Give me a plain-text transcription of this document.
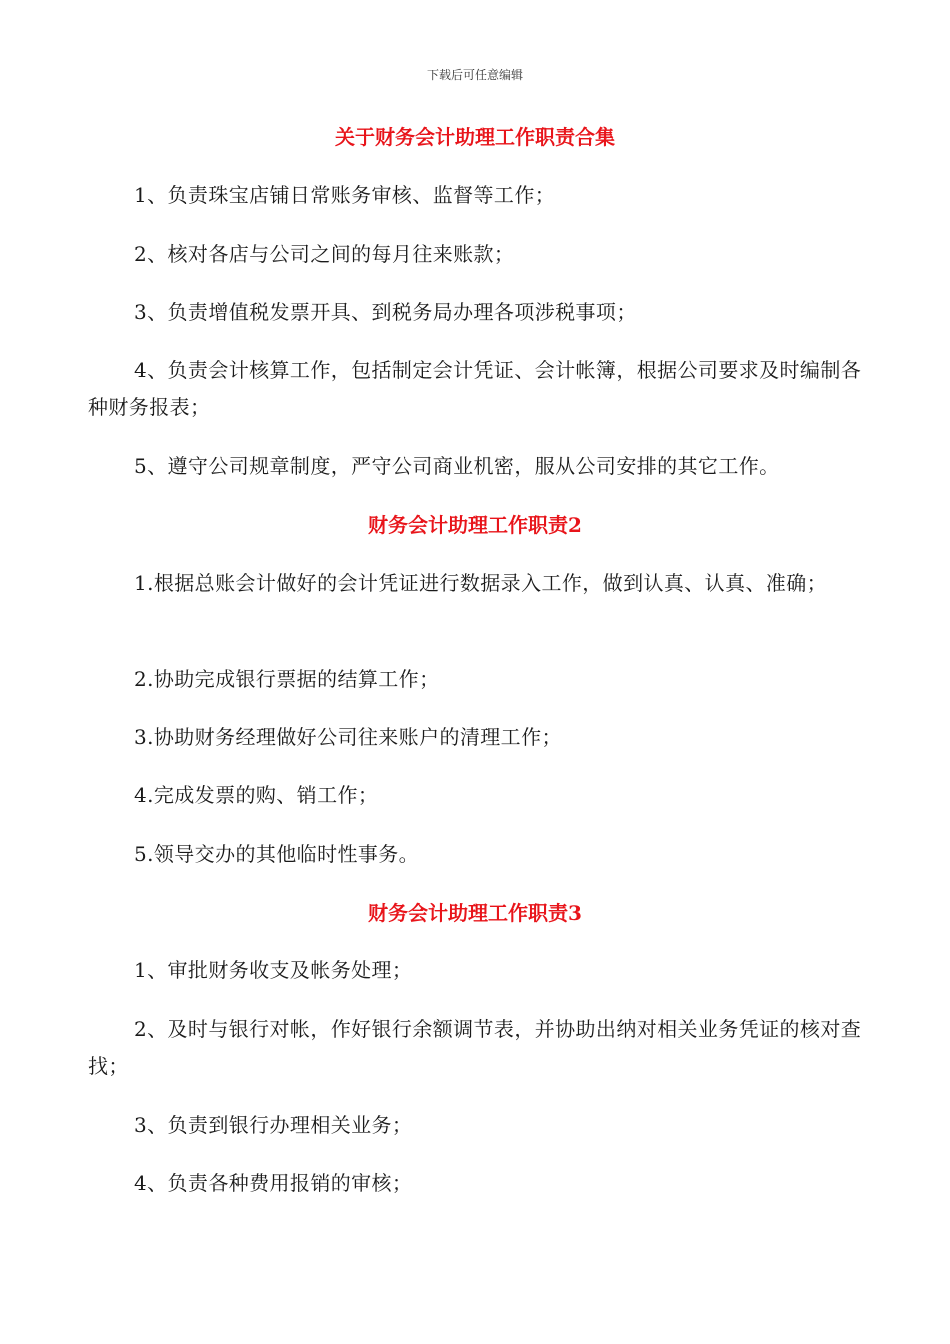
下载后可任意编辑
关于财务会计助理工作职责合集

1、负责珠宝店铺日常账务审核、监督等工作；

2、核对各店与公司之间的每月往来账款；

3、负责增值税发票开具、到税务局办理各项涉税事项；

4、负责会计核算工作，包括制定会计凭证、会计帐簿，根据公司要求及时编制各种财务报表；

5、遵守公司规章制度，严守公司商业机密，服从公司安排的其它工作。

财务会计助理工作职责2

1.根据总账会计做好的会计凭证进行数据录入工作，做到认真、认真、准确；

2.协助完成银行票据的结算工作；

3.协助财务经理做好公司往来账户的清理工作；

4.完成发票的购、销工作；

5.领导交办的其他临时性事务。

财务会计助理工作职责3

1、审批财务收支及帐务处理；

2、及时与银行对帐，作好银行余额调节表，并协助出纳对相关业务凭证的核对查找；

3、负责到银行办理相关业务；

4、负责各种费用报销的审核；
